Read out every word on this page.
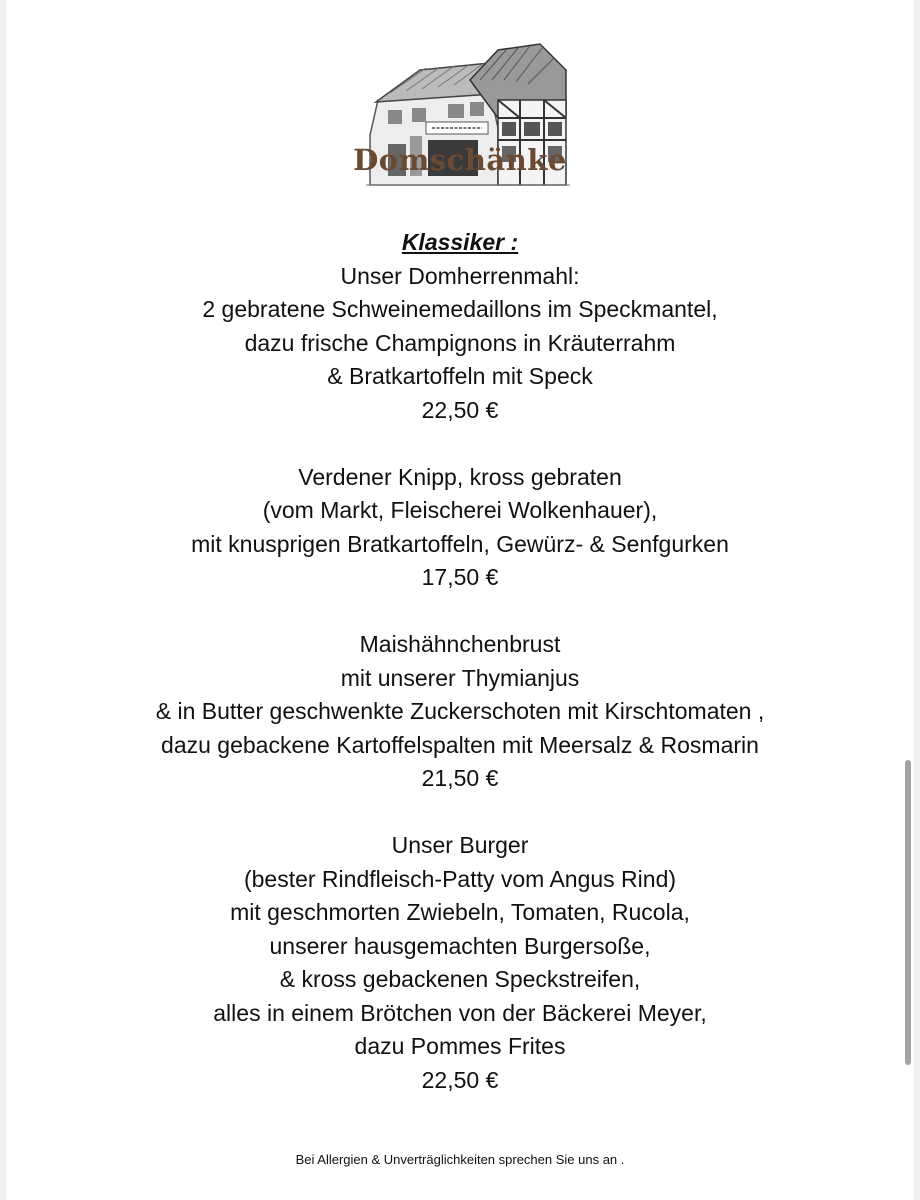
Domschänke

Klassiker :

Unser Domherrenmahl:

2 gebratene Schweinemedaillons im Speckmantel,

dazu frische Champignons in Kräuterrahm

& Bratkartoffeln mit Speck

22,50 €

Verdener Knipp, kross gebraten

(vom Markt, Fleischerei Wolkenhauer),

mit knusprigen Bratkartoffeln, Gewürz- & Senfgurken

17,50 €

Maishähnchenbrust

mit unserer Thymianjus

& in Butter geschwenkte Zuckerschoten mit Kirschtomaten ,

dazu gebackene Kartoffelspalten mit Meersalz & Rosmarin

21,50 €

Unser Burger

(bester Rindfleisch-Patty vom Angus Rind)

mit geschmorten Zwiebeln, Tomaten, Rucola,

unserer hausgemachten Burgersoße,

& kross gebackenen Speckstreifen,

alles in einem Brötchen von der Bäckerei Meyer,

dazu Pommes Frites

22,50 €

Bei Allergien & Unverträglichkeiten sprechen Sie uns an .
